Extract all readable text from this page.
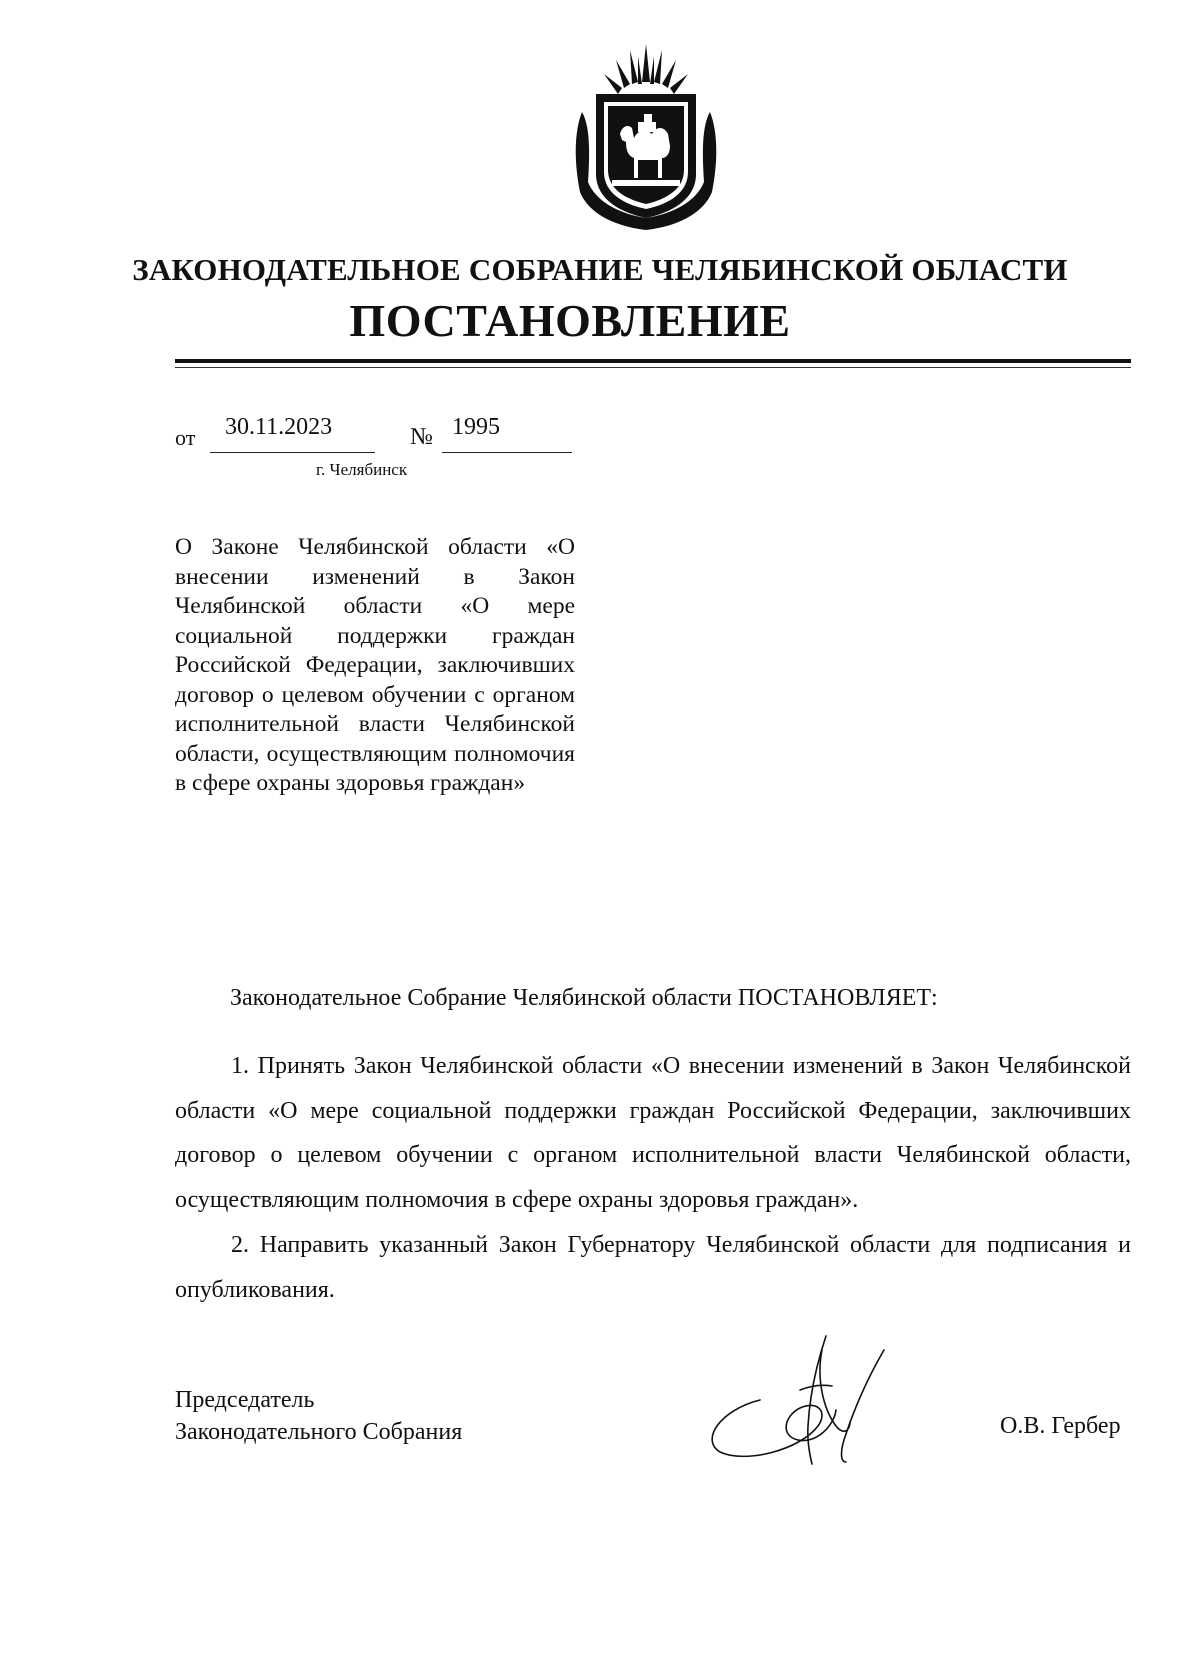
ЗАКОНОДАТЕЛЬНОЕ СОБРАНИЕ ЧЕЛЯБИНСКОЙ ОБЛАСТИ
ПОСТАНОВЛЕНИЕ
от 30.11.2023	№ 1995
г. Челябинск
О Законе Челябинской области «О внесении изменений в Закон Челябинской области «О мере социальной поддержки граждан Российской Федерации, заключивших договор о целевом обучении с органом исполнительной власти Челябинской области, осуществляющим полномочия в сфере охраны здоровья граждан»
Законодательное Собрание Челябинской области ПОСТАНОВЛЯЕТ:

1. Принять Закон Челябинской области «О внесении изменений в Закон Челябинской области «О мере социальной поддержки граждан Российской Федерации, заключивших договор о целевом обучении с органом исполнительной власти Челябинской области, осуществляющим полномочия в сфере охраны здоровья граждан».

2. Направить указанный Закон Губернатору Челябинской области для подписания и опубликования.

Председатель
Законодательного Собрания	О.В. Гербер
